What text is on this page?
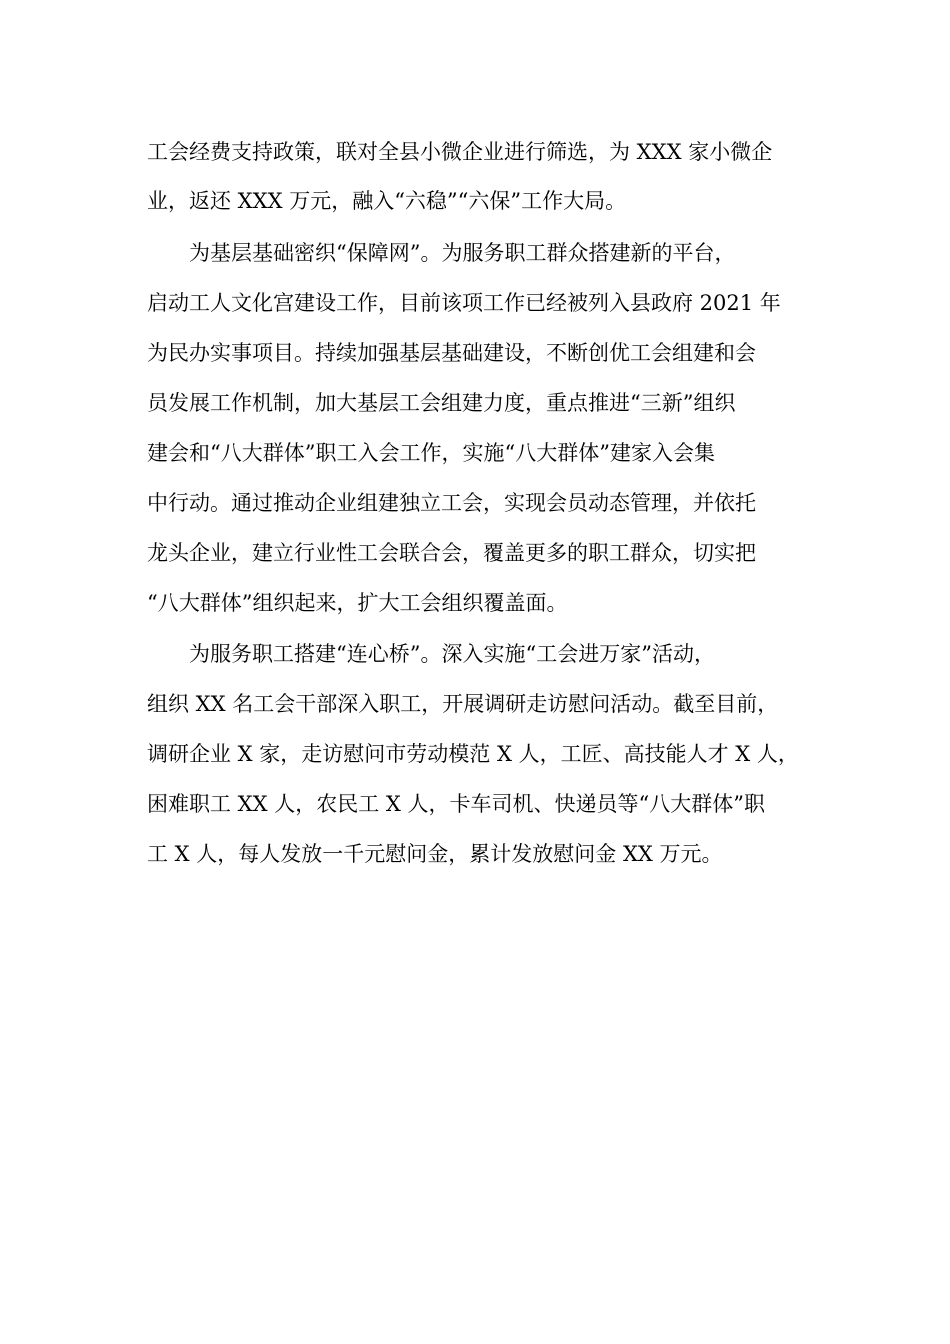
工会经费支持政策，联对全县小微企业进行筛选，为 XXX 家小微企
业，返还 XXX 万元，融入“六稳”“六保”工作大局。
为基层基础密织“保障网”。为服务职工群众搭建新的平台，
启动工人文化宫建设工作，目前该项工作已经被列入县政府 2021 年
为民办实事项目。持续加强基层基础建设，不断创优工会组建和会
员发展工作机制，加大基层工会组建力度，重点推进“三新”组织
建会和“八大群体”职工入会工作，实施“八大群体”建家入会集
中行动。通过推动企业组建独立工会，实现会员动态管理，并依托
龙头企业，建立行业性工会联合会，覆盖更多的职工群众，切实把
“八大群体”组织起来，扩大工会组织覆盖面。
为服务职工搭建“连心桥”。深入实施“工会进万家”活动，
组织 XX 名工会干部深入职工，开展调研走访慰问活动。截至目前，
调研企业 X 家，走访慰问市劳动模范 X 人，工匠、高技能人才 X 人，
困难职工 XX 人，农民工 X 人，卡车司机、快递员等“八大群体”职
工 X 人，每人发放一千元慰问金，累计发放慰问金 XX 万元。
